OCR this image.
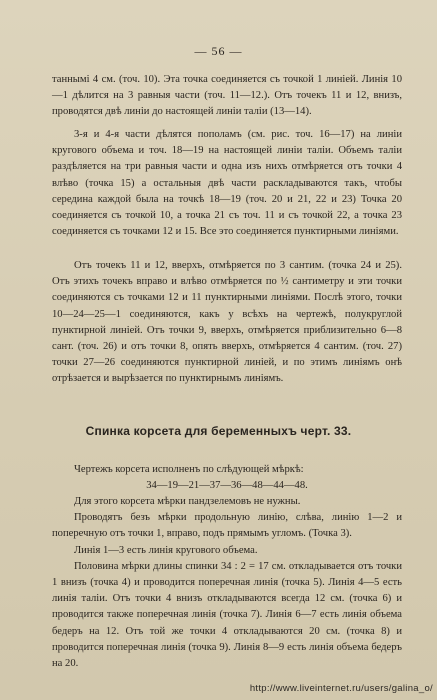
— 56 —

таннымi 4 см. (точ. 10). Эта точка соединяется съ точкой 1 линiей. Линiя 10—1 дѣлится на 3 равныя части (точ. 11—12.). Отъ точекъ 11 и 12, внизъ, проводятся двѣ линiи до настоящей линiи талiи (13—14).

3-я и 4-я части дѣлятся пополамъ (см. рис. точ. 16—17) на линiи кругового объема и точ. 18—19 на настоящей линiи талiи. Объемъ талiи раздѣляется на три равныя части и одна изъ нихъ отмѣряется отъ точки 4 влѣво (точка 15) а остальныя двѣ части раскладываются такъ, чтобы середина каждой была на точкѣ 18—19 (точ. 20 и 21, 22 и 23) Точка 20 соединяется съ точкой 10, а точка 21 съ точ. 11 и съ точкой 22, а точка 23 соединяется съ точками 12 и 15. Все это соединяется пунктирными линiями.

Отъ точекъ 11 и 12, вверхъ, отмѣряется по 3 сантим. (точка 24 и 25). Отъ этихъ точекъ вправо и влѣво отмѣряется по ½ сантиметру и эти точки соединяются съ точками 12 и 11 пунктирными линiями. Послѣ этого, точки 10—24—25—1 соединяются, какъ у всѣхъ на чертежѣ, полукруглой пунктирной линiей. Отъ точки 9, вверхъ, отмѣряется приблизительно 6—8 сант. (точ. 26) и отъ точки 8, опять вверхъ, отмѣряется 4 сантим. (точ. 27) точки 27—26 соединяются пунктирной линiей, и по этимъ линiямъ онѣ отрѣзается и вырѣзается по пунктирнымъ линiямъ.

Спинка корсета для беременныхъ черт. 33.

Чертежъ корсета исполненъ по слѣдующей мѣркѣ:

34—19—21—37—36—48—44—48.

Для этого корсета мѣрки пандзелемовъ не нужны.

Проводятъ безъ мѣрки продольную линiю, слѣва, линiю 1—2 и поперечную отъ точки 1, вправо, подъ прямымъ угломъ. (Точка 3).

Линiя 1—3 есть линiя кругового объема.

Половина мѣрки длины спинки 34 : 2 = 17 см. откладывается отъ точки 1 внизъ (точка 4) и проводится поперечная линiя (точка 5). Линiя 4—5 есть линiя талiи. Отъ точки 4 внизъ откладываются всегда 12 см. (точка 6) и проводится также поперечная линiя (точка 7). Линiя 6—7 есть линiя объема бедеръ на 12. Отъ той же точки 4 откладываются 20 см. (точка 8) и проводится поперечная линiя (точка 9). Линiя 8—9 есть линiя объема бедеръ на 20.

http://www.liveinternet.ru/users/galina_o/
